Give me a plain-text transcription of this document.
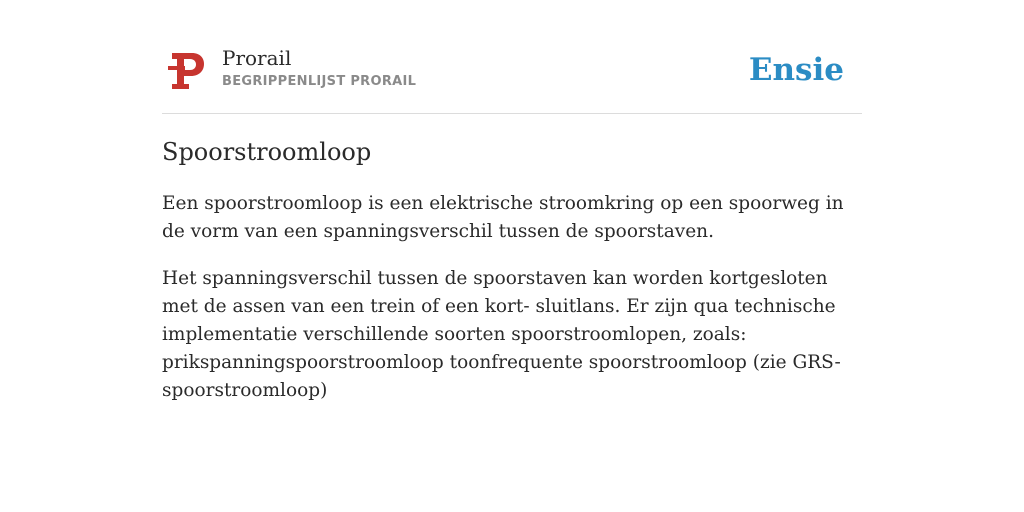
Prorail
BEGRIPPENLIJST PRORAIL	Ensie
Spoorstroomloop

Een spoorstroomloop is een elektrische stroomkring op een spoorweg in de vorm van een spanningsverschil tussen de spoorstaven.

Het spanningsverschil tussen de spoorstaven kan worden kortgesloten met de assen van een trein of een kort- sluitlans. Er zijn qua technische implementatie verschillende soorten spoorstroomlopen, zoals: prikspanningspoorstroomloop toonfrequente spoorstroomloop (zie GRS-spoorstroomloop)
